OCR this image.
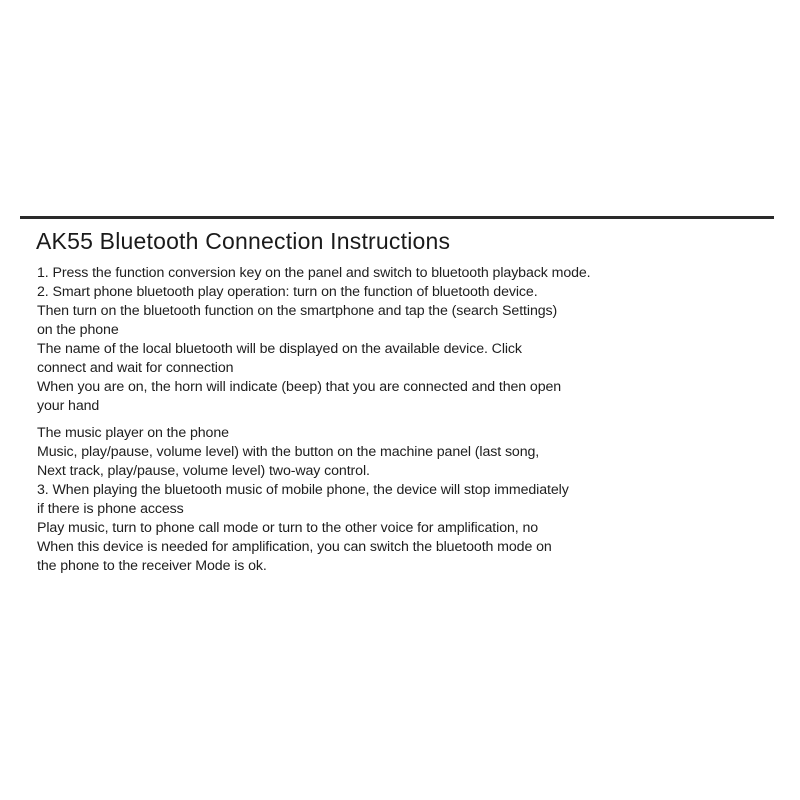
AK55 Bluetooth Connection Instructions
1. Press the function conversion key on the panel and switch to bluetooth playback mode.
2. Smart phone bluetooth play operation: turn on the function of bluetooth device.
Then turn on the bluetooth function on the smartphone and tap the (search Settings)
on the phone
The name of the local bluetooth will be displayed on the available device. Click
connect and wait for connection
When you are on, the horn will indicate (beep) that you are connected and then open
your hand
The music player on the phone
Music, play/pause, volume level) with the button on the machine panel (last song,
Next track, play/pause, volume level) two-way control.
3. When playing the bluetooth music of mobile phone, the device will stop immediately
if there is phone access
Play music, turn to phone call mode or turn to the other voice for amplification, no
When this device is needed for amplification, you can switch the bluetooth mode on
the phone to the receiver Mode is ok.
